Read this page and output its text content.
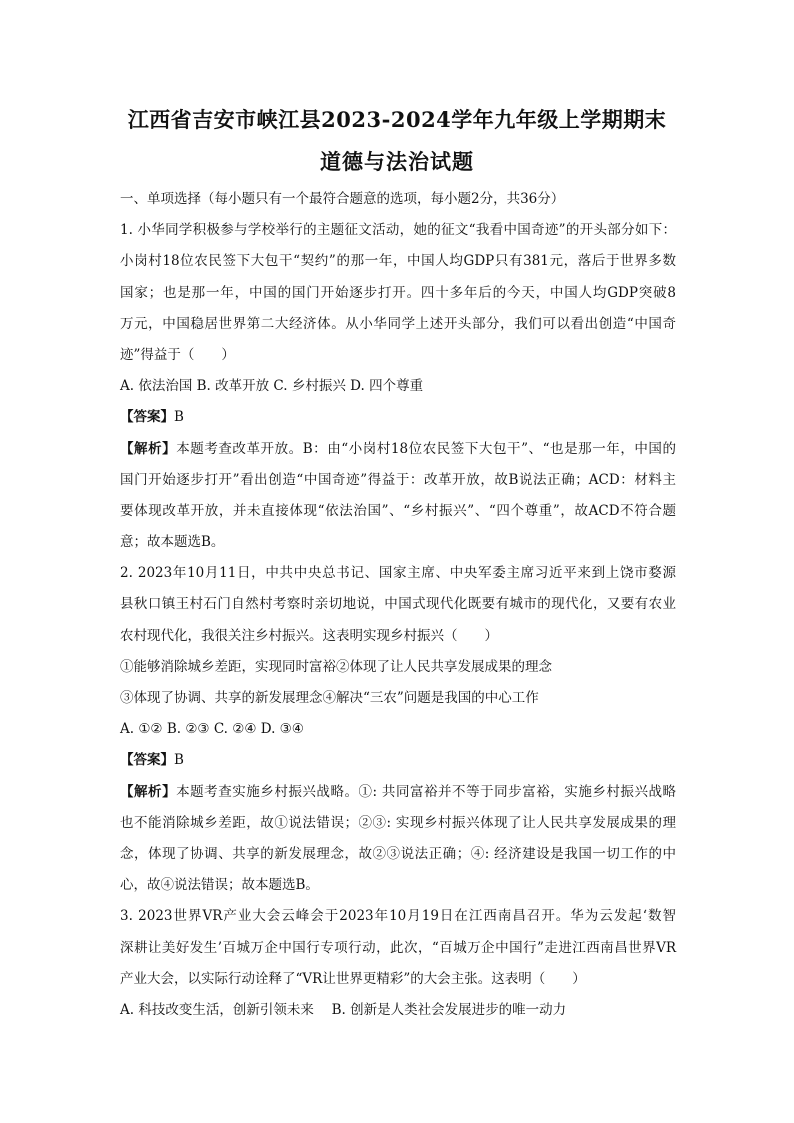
江西省吉安市峡江县2023-2024学年九年级上学期期末
道德与法治试题
一、单项选择（每小题只有一个最符合题意的选项，每小题2分，共36分）
1. 小华同学积极参与学校举行的主题征文活动，她的征文“我看中国奇迹”的开头部分如下：
小岗村18位农民签下大包干“契约”的那一年，中国人均GDP只有381元，落后于世界多数
国家；也是那一年，中国的国门开始逐步打开。四十多年后的今天，中国人均GDP突破8
万元，中国稳居世界第二大经济体。从小华同学上述开头部分，我们可以看出创造“中国奇
迹”得益于（　　）
A. 依法治国 B. 改革开放 C. 乡村振兴 D. 四个尊重
【答案】B
【解析】本题考查改革开放。B：由“小岗村18位农民签下大包干”、“也是那一年，中国的
国门开始逐步打开”看出创造“中国奇迹”得益于：改革开放，故B说法正确；ACD：材料主
要体现改革开放，并未直接体现“依法治国”、“乡村振兴”、“四个尊重”，故ACD不符合题
意；故本题选B。
2. 2023年10月11日，中共中央总书记、国家主席、中央军委主席习近平来到上饶市婺源
县秋口镇王村石门自然村考察时亲切地说，中国式现代化既要有城市的现代化，又要有农业
农村现代化，我很关注乡村振兴。这表明实现乡村振兴（　　）
①能够消除城乡差距，实现同时富裕②体现了让人民共享发展成果的理念
③体现了协调、共享的新发展理念④解决“三农”问题是我国的中心工作
A. ①② B. ②③ C. ②④ D. ③④
【答案】B
【解析】本题考查实施乡村振兴战略。①: 共同富裕并不等于同步富裕，实施乡村振兴战略
也不能消除城乡差距，故①说法错误；②③: 实现乡村振兴体现了让人民共享发展成果的理
念，体现了协调、共享的新发展理念，故②③说法正确；④: 经济建设是我国一切工作的中
心，故④说法错误；故本题选B。
3. 2023世界VR产业大会云峰会于2023年10月19日在江西南昌召开。华为云发起‘数智
深耕让美好发生’百城万企中国行专项行动，此次，“百城万企中国行”走进江西南昌世界VR
产业大会，以实际行动诠释了“VR让世界更精彩”的大会主张。这表明（　　）
A. 科技改变生活，创新引领未来　 B. 创新是人类社会发展进步的唯一动力
